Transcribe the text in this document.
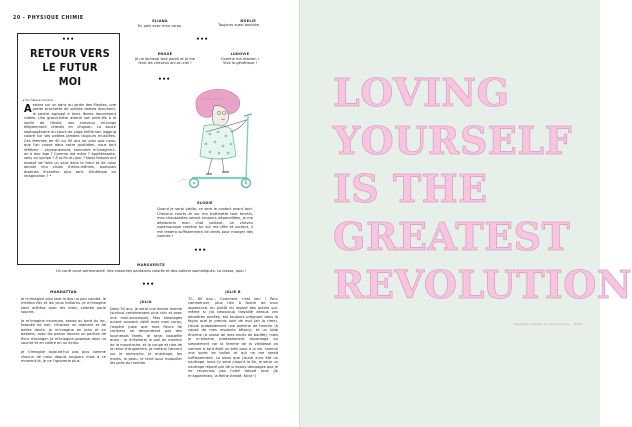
20 - PHYSIQUE CHIMIE
•••
RETOUR VERS
LE FUTUR
MOI
▸ Par Hélène Chaumé
Assises sur un banc du jardin des Plantes, une petite brochette de vieilles dames discutent, le soutre agrippé à leurs lèvres doucement ridées. Une grand-mère attend son petit-fils à la sortie de l'école, ses cheveux mi-longs élégamment relevés en chignon. La sauce septuagénaire du cours de yoga enfile son legging coloré sur ses petites jambes toujours musclées. Ces femmes de 40 ou 50 ans de plus que nous, que l'on croise dans notre quotidien, nous font réfléchir : physiquement, comment m'imagine-t-on à leur âge ? Comme ma mère ? Appétissante, sexy ou sympa ? À la fin du jour ? Nous faisons ont essayé de faire un saut dans le futur et de nous donner leur vision d'elles-mêmes, quelques dizaines d'années plus tard. Génétique ou imagination ? •
ELIANA
En paix avec mon corps.
NOELIE
Toujours aussi bouclée.
•••
ENGUÉ
Je ne lâcherai tout pareil et je me
ferai les cheveux arc-en-ciel !
LUDOVIE
Comme ma maman !
Vive la génétique !
•••
ELODIE
Quand je serai vieille, ce sera le confort avant tout. Cheveux courts et sur ma trottinette tout terrain, mes chaussettes seront toujours dépareillées, je me déplacerai mon chat partout, un cheveu supersonique ramène toi sur ma tête et surtout, il me restera suffisamment de dents pour manger des cookies !
•••
MARGUERITE
Un carré court permanenté, des costumes pantalons colorés et des colliers sophistiqués. La classe, quoi !
•••
MANHATTAN
Je m'imagine plus tard le dos un peu courbé, le menton fier et les yeux brillants. Je m'imagine sans orthèse avec les rides, colorée parle sourire.
Je m'imagine heureuse, assise au bord du lac, tatouée de noir, tricotant un diamant et de belles dents. Je m'imagine en jean et en baskets, avec les peaux douces un parfum de fleur d'oranger. Je m'imagine papesse dans un sourire et en colère en un éclair.
Je n'imagine aujourd'hui pas plus comme chacun de nous depuis toujours mais à ce moment-là, je ne l'ignorerai plus.
JULIA
Dans 50 ans, je serai une bonne mamie (surtout certainement plus chic et avec une mini-soucoupe). Mes tatouages auront souvent vieilli avec mon corps, j'espère juste que mes fleurs de cerisiers ne deviendront pas des tournesols fanés. Je serai coquette aussi : je m'épilerai le poil du menton de la moustache, et la coupe et raie de la reine d'Angleterre, je mettrai l'accent sur la recherche, je m'attrape, les mains, la peau, le teint pour maquiller les poils du menton.
JULIE B
70, 80 ans... Comment c'est loin ! Pour commencer, plus rien à foutre de mon apparence, ou plutôt du regard des autres qui, même si j'ai beaucoup travaillé dessus ces dernières années, est toujours prégnant dans la façon que je prends soin de moi (ah la rime). J'aurai probablement une poitrine de hanche (à cause de mes implants tétons), et un bide énorme (à cause de mes excès de bouffe), mais je m'aimerai probablement davantage ou simplement car la femme de la vieillesse va comme si tout était un bien pour à la vie, comme une sorte de ballon et qui ne me serait suffisamment. La peau que j'aurai aura été un naufrage, mais j'y serai jusqu'à la fin, je serai un naufrage réparé par de si beaux tatouages que je ne reconnais pas l'oisif tatoué tous (je m'appellerais, la Reine Amidé, Kirot !)
LOVING
YOURSELF
IS THE
GREATEST
REVOLUTION
Illustration réalisée par Zoé Leclercq — Ph 05
